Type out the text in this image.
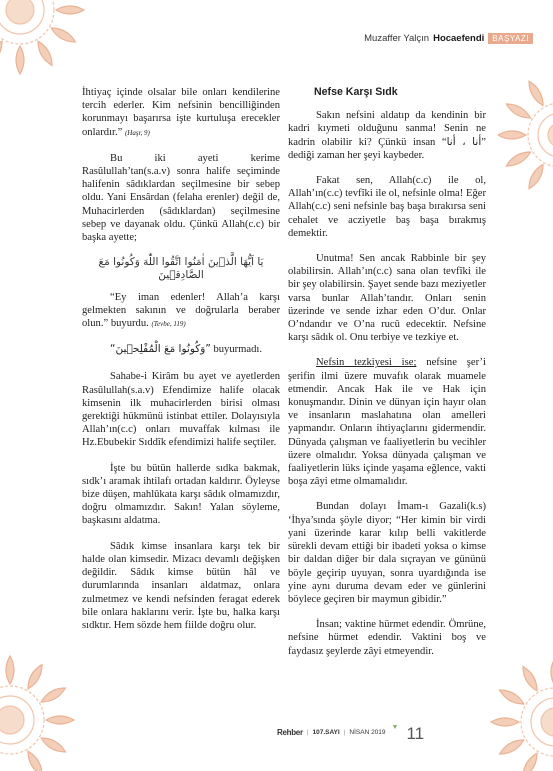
Muzaffer Yalçın Hocaefendi	BAŞYAZI

İhtiyaç içinde olsalar bile onları kendilerine tercih ederler. Kim nefsinin bencilliğinden korunmayı başarırsa işte kurtuluşa erecekler onlardır.” (Haşr, 9)

Bu iki ayeti kerime Rasûlullah’tan(s.a.v) sonra halife seçiminde halifenin sâdıklardan seçilmesine bir sebep oldu. Yani Ensârdan (felaha erenler) değil de, Muhacirlerden (sâdıklardan) seçilmesine sebep ve dayanak oldu. Çünkü Allah(c.c) bir başka ayette;

يَا اَيُّهَا الَّذٖينَ اٰمَنُوا اتَّقُوا اللّٰهَ وَكُونُوا مَعَ الصَّادِقٖينَ

“Ey iman edenler! Allah’a karşı gelmekten sakının ve doğrularla beraber olun.” buyurdu. (Tevbe, 119)

“وَكُونُوا مَعَ الْمُفْلِحٖينَ” buyurmadı.

Sahabe-i Kirâm bu ayet ve ayetlerden Rasûlullah(s.a.v) Efendimize halife olacak kimsenin ilk muhacirlerden birisi olması gerektiği hükmünü istinbat ettiler. Dolayısıyla Allah’ın(c.c) onları muvaffak kılması ile Hz.Ebubekir Sıddîk efendimizi halife seçtiler.

İşte bu bütün hallerde sıdka bakmak, sıdk’ı aramak ihtilafı ortadan kaldırır. Öyleyse bize düşen, mahlûkata karşı sâdık olmamızdır, doğru olmamızdır. Sakın! Yalan söyleme, başkasını aldatma.

Sâdık kimse insanlara karşı tek bir halde olan kimsedir. Mizacı devamlı değişken değildir. Sâdık kimse bütün hâl ve durumlarında insanları aldatmaz, onlara zulmetmez ve kendi nefsinden feragat ederek bile onlara haklarını verir. İşte bu, halka karşı sıdktır. Hem sözde hem fiilde doğru olur.

Nefse Karşı Sıdk

Sakın nefsini aldatıp da kendinin bir kadri kıymeti olduğunu sanma! Senin ne kadrin olabilir ki? Çünkü insan “أنا ، أنا” dediği zaman her şeyi kaybeder.

Fakat sen, Allah(c.c) ile ol, Allah’ın(c.c) tevfîki ile ol, nefsinle olma! Eğer Allah(c.c) seni nefsinle baş başa bırakırsa seni cehalet ve acziyetle baş başa bırakmış demektir.

Unutma! Sen ancak Rabbinle bir şey olabilirsin. Allah’ın(c.c) sana olan tevfîki ile bir şey olabilirsin. Şayet sende bazı meziyetler varsa bunlar Allah’tandır. Onları senin üzerinde ve sende izhar eden O’dur. Onlar O’ndandır ve O’na rucû edecektir. Nefsine karşı sâdık ol. Onu terbiye ve tezkiye et.

Nefsin tezkiyesi ise; nefsine şer’i şerifin ilmi üzere muvafık olarak muamele etmendir. Ancak Hak ile ve Hak için konuşmandır. Dinin ve dünyan için hayır olan ve insanların maslahatına olan amelleri yapmandır. Onların ihtiyaçlarını gidermendir. Dünyada çalışman ve faaliyetlerin bu vecihler üzere olmalıdır. Yoksa dünyada çalışman ve faaliyetlerin lüks içinde yaşama eğlence, vakti boşa zâyi etme olmamalıdır.

Bundan dolayı İmam-ı Gazali(k.s) ‘İhya’sında şöyle diyor; “Her kimin bir virdi yani üzerinde karar kılıp belli vakitlerde sürekli devam ettiği bir ibadeti yoksa o kimse bir daldan diğer bir dala sıçrayan ve gününü böyle geçirip uyuyan, sonra uyardığında ise yine aynı duruma devam eder ve günlerini böylece geçiren bir maymun gibidir.”

İnsan; vaktine hürmet edendir. Ömrüne, nefsine hürmet edendir. Vaktini boş ve faydasız şeylerde zâyi etmeyendir.

Rehber | 107.SAYI | NİSAN 2019
▼ 11
